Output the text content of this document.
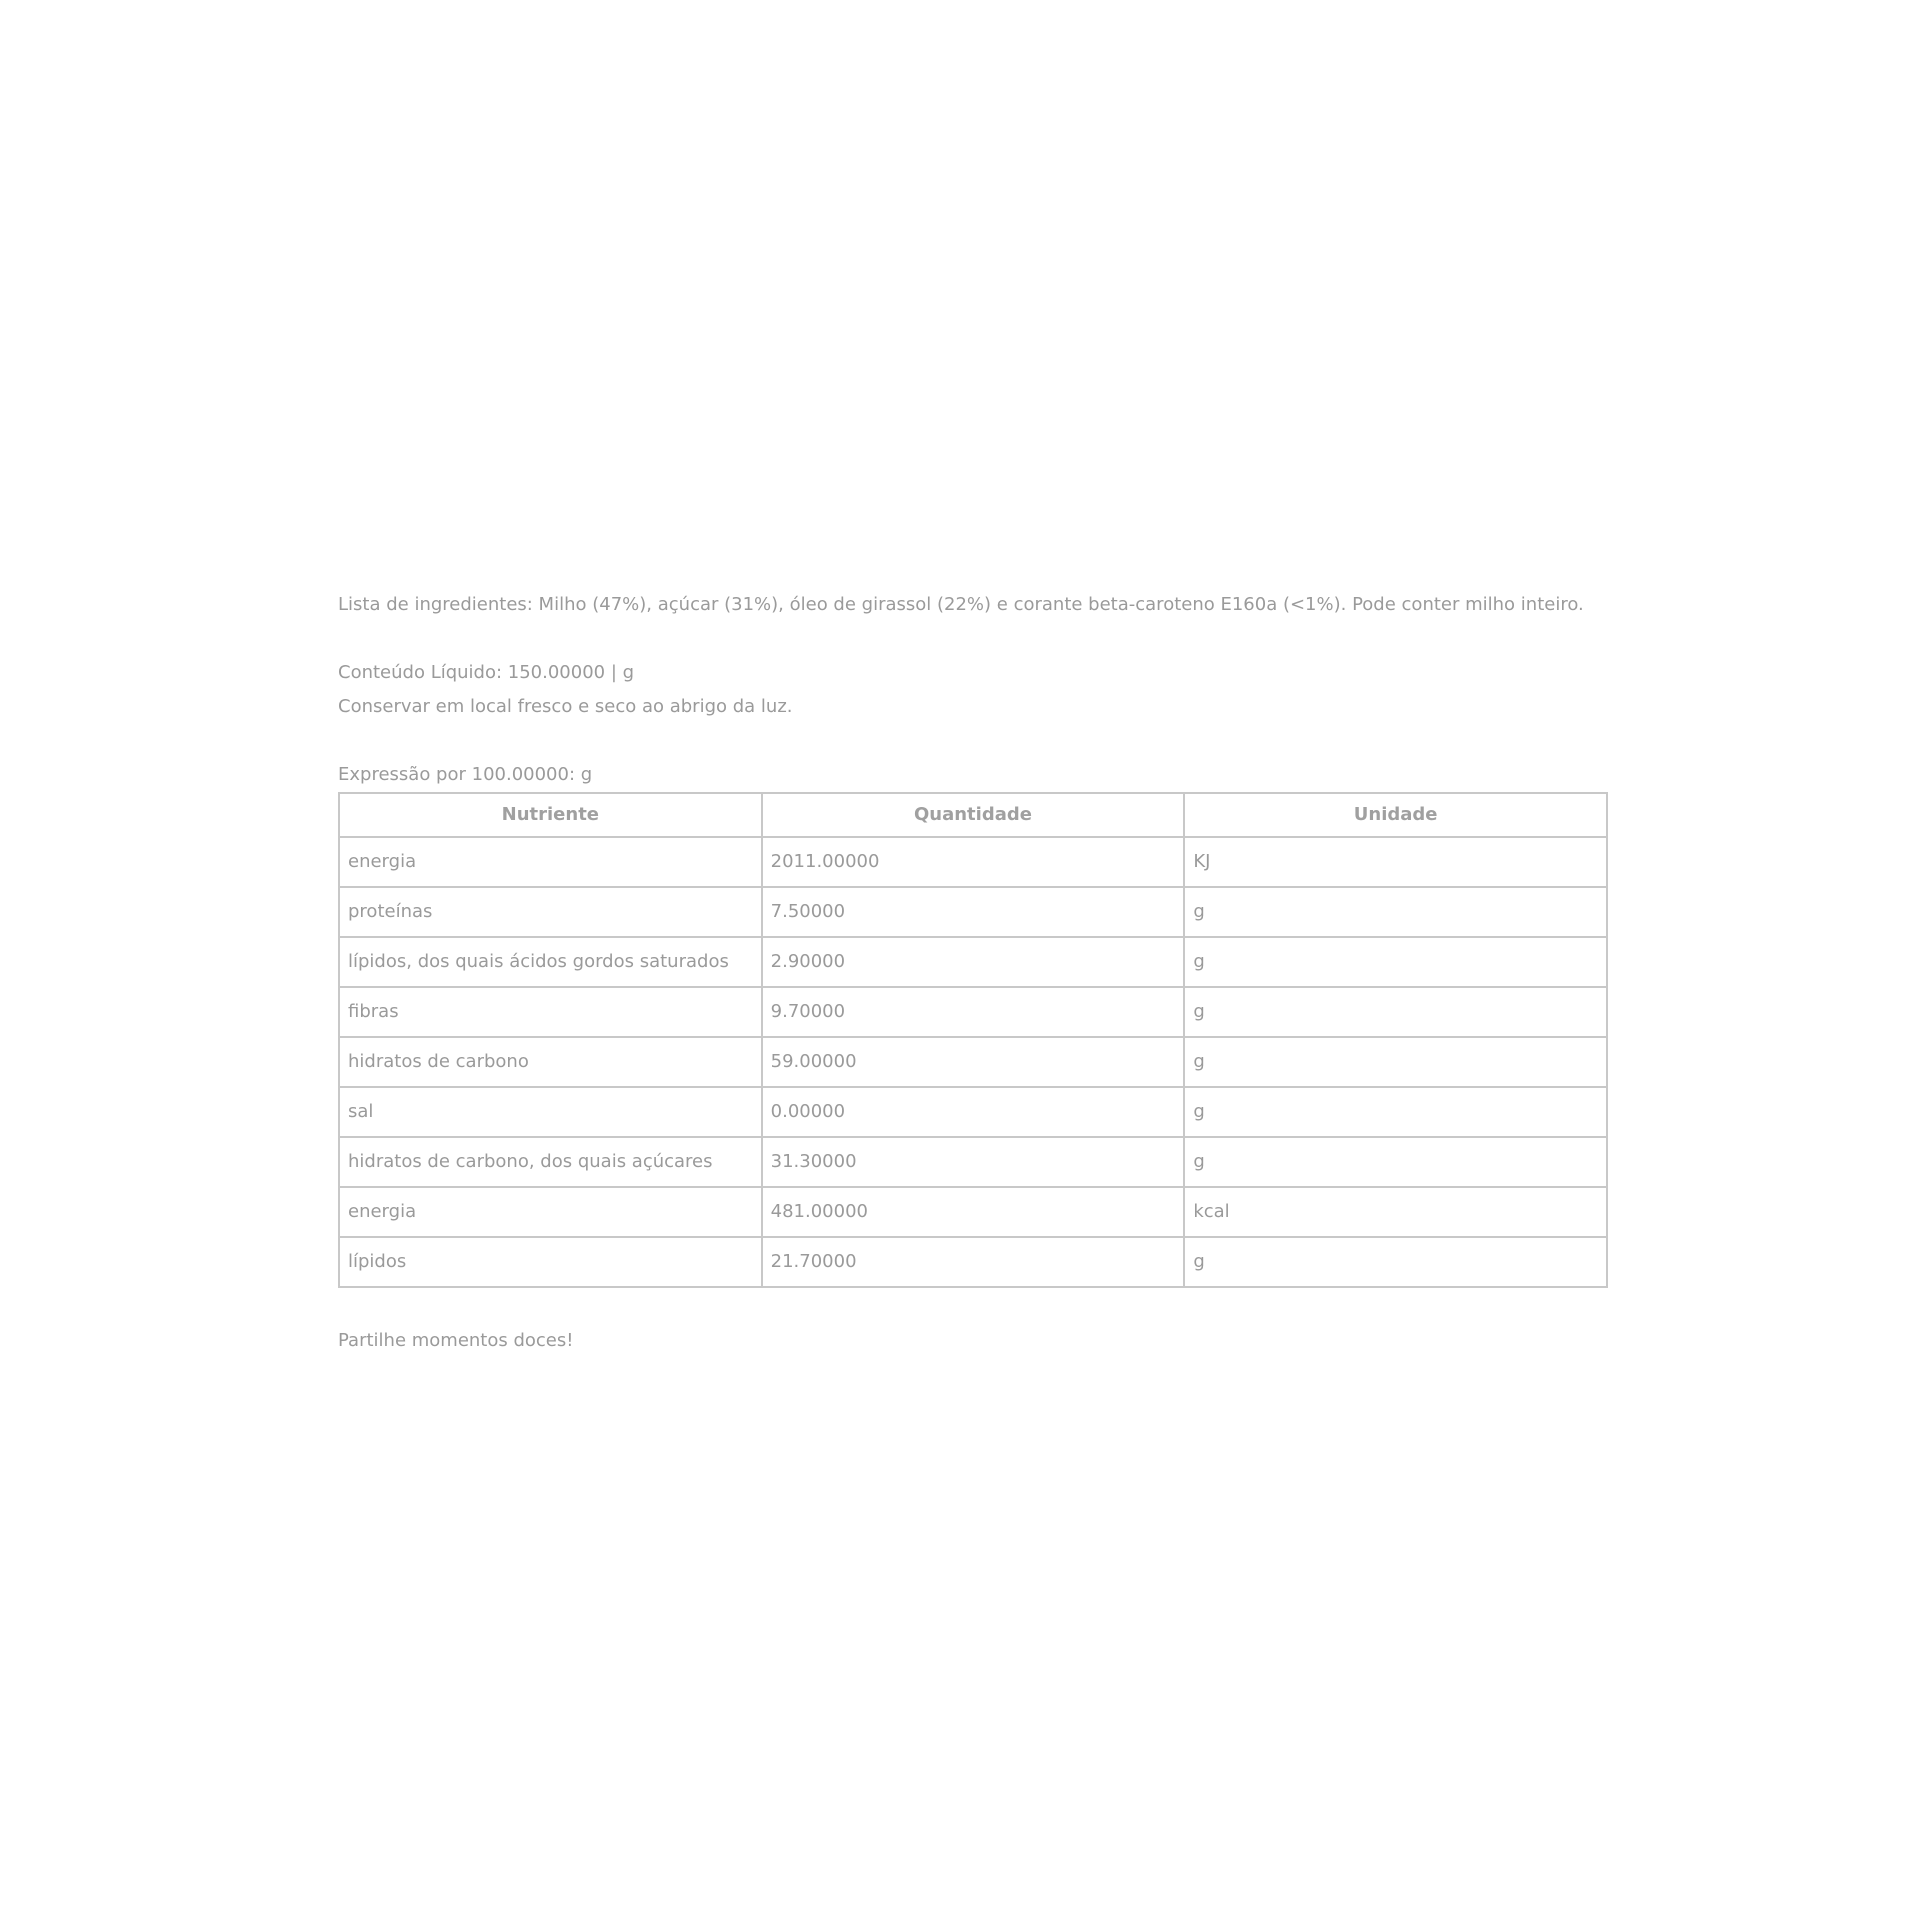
Lista de ingredientes: Milho (47%), açúcar (31%), óleo de girassol (22%) e corante beta-caroteno E160a (<1%). Pode conter milho inteiro.

Conteúdo Líquido: 150.00000 | g

Conservar em local fresco e seco ao abrigo da luz.

Expressão por 100.00000: g

Nutriente	Quantidade	Unidade
energia	2011.00000	KJ
proteínas	7.50000	g
lípidos, dos quais ácidos gordos saturados	2.90000	g
fibras	9.70000	g
hidratos de carbono	59.00000	g
sal	0.00000	g
hidratos de carbono, dos quais açúcares	31.30000	g
energia	481.00000	kcal
lípidos	21.70000	g

Partilhe momentos doces!
